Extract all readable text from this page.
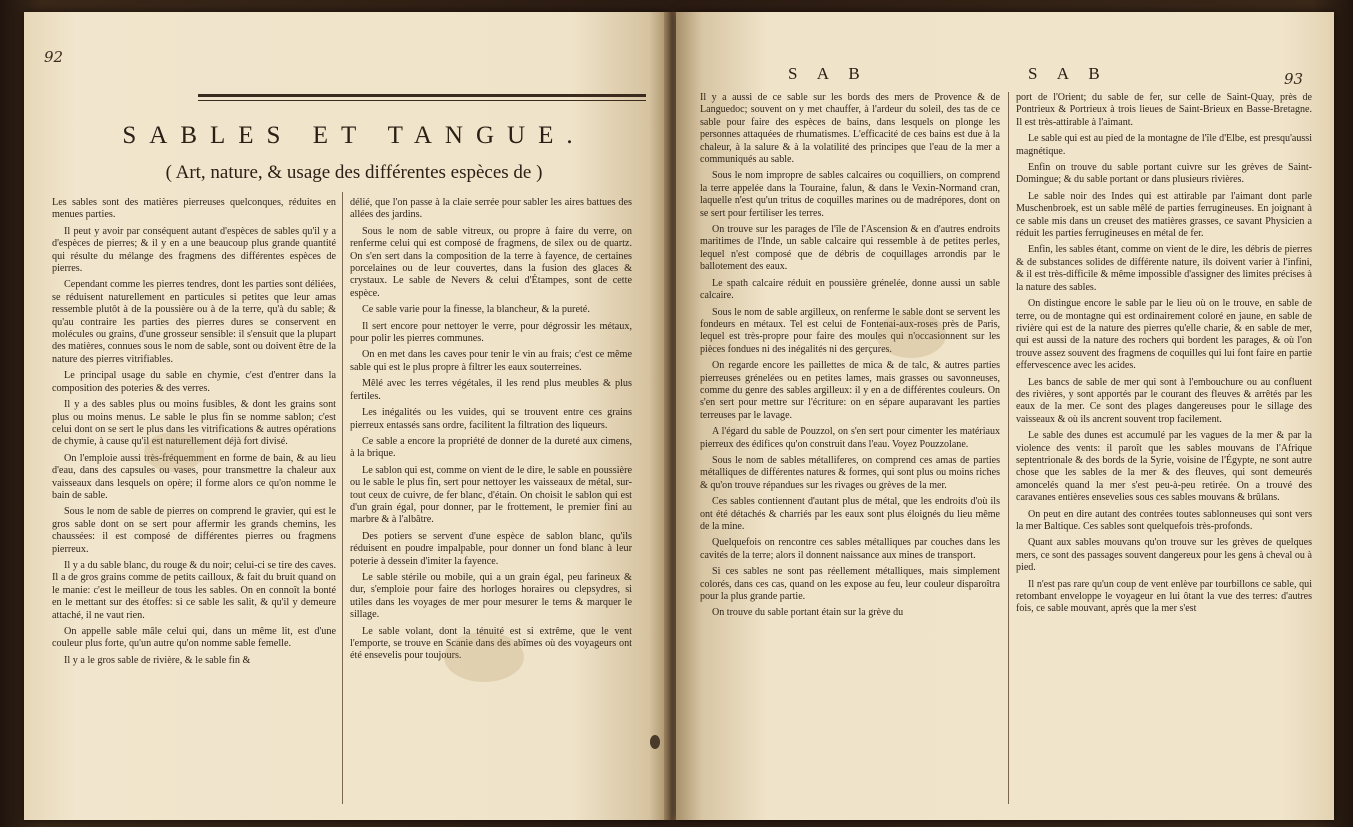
92
SABLES ET TANGUE.
( Art, nature, & usage des différentes espèces de )

Les sables sont des matières pierreuses quelconques, réduites en menues parties.

Il peut y avoir par conséquent autant d'espèces de sables qu'il y a d'espèces de pierres; & il y en a une beaucoup plus grande quantité qui résulte du mélange des fragmens des différentes espèces de pierres.

Cependant comme les pierres tendres, dont les parties sont déliées, se réduisent naturellement en particules si petites que leur amas ressemble plutôt à de la poussière ou à de la terre, qu'à du sable; & qu'au contraire les parties des pierres dures se conservent en molécules ou grains, d'une grosseur sensible: il s'ensuit que la plupart des matières, connues sous le nom de sable, sont ou doivent être de la nature des pierres vitrifiables.

Le principal usage du sable en chymie, c'est d'entrer dans la composition des poteries & des verres.

Il y a des sables plus ou moins fusibles, & dont les grains sont plus ou moins menus. Le sable le plus fin se nomme sablon; c'est celui dont on se sert le plus dans les vitrifications & autres opérations de chymie, à cause qu'il est naturellement déjà fort divisé.

On l'emploie aussi très-fréquemment en forme de bain, & au lieu d'eau, dans des capsules ou vases, pour transmettre la chaleur aux vaisseaux dans lesquels on opère; il forme alors ce qu'on nomme le bain de sable.

Sous le nom de sable de pierres on comprend le gravier, qui est le gros sable dont on se sert pour affermir les grands chemins, les chaussées: il est composé de différentes pierres ou fragmens pierreux.

Il y a du sable blanc, du rouge & du noir; celui-ci se tire des caves. Il a de gros grains comme de petits cailloux, & fait du bruit quand on le manie: c'est le meilleur de tous les sables. On en connoît la bonté en le mettant sur des étoffes: si ce sable les salit, & qu'il y demeure attaché, il ne vaut rien.

On appelle sable mâle celui qui, dans un même lit, est d'une couleur plus forte, qu'un autre qu'on nomme sable femelle.

Il y a le gros sable de rivière, & le sable fin &

délié, que l'on passe à la claie serrée pour sabler les aires battues des allées des jardins.

Sous le nom de sable vitreux, ou propre à faire du verre, on renferme celui qui est composé de fragmens, de silex ou de quartz. On s'en sert dans la composition de la terre à fayence, de certaines porcelaines ou de leur couvertes, dans la fusion des glaces & crystaux. Le sable de Nevers & celui d'Étampes, sont de cette espèce.

Ce sable varie pour la finesse, la blancheur, & la pureté.

Il sert encore pour nettoyer le verre, pour dégrossir les métaux, pour polir les pierres communes.

On en met dans les caves pour tenir le vin au frais; c'est ce même sable qui est le plus propre à filtrer les eaux souterreines.

Mêlé avec les terres végétales, il les rend plus meubles & plus fertiles.

Les inégalités ou les vuides, qui se trouvent entre ces grains pierreux entassés sans ordre, facilitent la filtration des liqueurs.

Ce sable a encore la propriété de donner de la dureté aux cimens, à la brique.

Le sablon qui est, comme on vient de le dire, le sable en poussière ou le sable le plus fin, sert pour nettoyer les vaisseaux de métal, sur-tout ceux de cuivre, de fer blanc, d'étain. On choisit le sablon qui est d'un grain égal, pour donner, par le frottement, le premier fini au marbre & à l'albâtre.

Des potiers se servent d'une espèce de sablon blanc, qu'ils réduisent en poudre impalpable, pour donner un fond blanc à leur poterie à dessein d'imiter la fayence.

Le sable stérile ou mobile, qui a un grain égal, peu farineux & dur, s'emploie pour faire des horloges horaires ou clepsydres, si utiles dans les voyages de mer pour mesurer le tems & marquer le sillage.

Le sable volant, dont la ténuité est si extrême, que le vent l'emporte, se trouve en Scanie dans des abîmes où des voyageurs ont été ensevelis pour toujours.

S A B	S A B	93

Il y a aussi de ce sable sur les bords des mers de Provence & de Languedoc; souvent on y met chauffer, à l'ardeur du soleil, des tas de ce sable pour faire des espèces de bains, dans lesquels on plonge les personnes attaquées de rhumatismes. L'efficacité de ces bains est due à la chaleur, à la salure & à la volatilité des principes que l'eau de la mer a communiqués au sable.

Sous le nom impropre de sables calcaires ou coquilliers, on comprend la terre appelée dans la Touraine, falun, & dans le Vexin-Normand cran, laquelle n'est qu'un tritus de coquilles marines ou de madrépores, dont on se sert pour fertiliser les terres.

On trouve sur les parages de l'île de l'Ascension & en d'autres endroits maritimes de l'Inde, un sable calcaire qui ressemble à de petites perles, lequel n'est composé que de débris de coquillages arrondis par le ballotement des eaux.

Le spath calcaire réduit en poussière grénelée, donne aussi un sable calcaire.

Sous le nom de sable argilleux, on renferme le sable dont se servent les fondeurs en métaux. Tel est celui de Fontenai-aux-roses près de Paris, lequel est très-propre pour faire des moules qui n'occasionnent sur les pièces fondues ni des inégalités ni des gerçures.

On regarde encore les paillettes de mica & de talc, & autres parties pierreuses grénelées ou en petites lames, mais grasses ou savonneuses, comme du genre des sables argilleux: il y en a de différentes couleurs. On s'en sert pour mettre sur l'écriture: on en sépare auparavant les parties terreuses par le lavage.

A l'égard du sable de Pouzzol, on s'en sert pour cimenter les matériaux pierreux des édifices qu'on construit dans l'eau. Voyez Pouzzolane.

Sous le nom de sables métalliferes, on comprend ces amas de parties métalliques de différentes natures & formes, qui sont plus ou moins riches & qu'on trouve répandues sur les rivages ou grèves de la mer.

Ces sables contiennent d'autant plus de métal, que les endroits d'où ils ont été détachés & charriés par les eaux sont plus éloignés du lieu même de la mine.

Quelquefois on rencontre ces sables métalliques par couches dans les cavités de la terre; alors il donnent naissance aux mines de transport.

Si ces sables ne sont pas réellement métalliques, mais simplement colorés, dans ces cas, quand on les expose au feu, leur couleur disparoîtra pour la plus grande partie.

On trouve du sable portant étain sur la grève du

port de l'Orient; du sable de fer, sur celle de Saint-Quay, près de Pontrieux & Portrieux à trois lieues de Saint-Brieux en Basse-Bretagne. Il est très-attirable à l'aimant.

Le sable qui est au pied de la montagne de l'île d'Elbe, est presqu'aussi magnétique.

Enfin on trouve du sable portant cuivre sur les grèves de Saint-Domingue; & du sable portant or dans plusieurs rivières.

Le sable noir des Indes qui est attirable par l'aimant dont parle Muschenbroek, est un sable mêlé de parties ferrugineuses. En joignant à ce sable mis dans un creuset des matières grasses, ce savant Physicien a réduit les parties ferrugineuses en métal de fer.

Enfin, les sables étant, comme on vient de le dire, les débris de pierres & de substances solides de différente nature, ils doivent varier à l'infini, & il est très-difficile & même impossible d'assigner des limites précises à la nature des sables.

On distingue encore le sable par le lieu où on le trouve, en sable de terre, ou de montagne qui est ordinairement coloré en jaune, en sable de rivière qui est de la nature des pierres qu'elle charie, & en sable de mer, qui est aussi de la nature des rochers qui bordent les parages, & où l'on trouve assez souvent des fragmens de coquilles qui lui font faire en partie effervescence avec les acides.

Les bancs de sable de mer qui sont à l'embouchure ou au confluent des rivières, y sont apportés par le courant des fleuves & arrêtés par les eaux de la mer. Ce sont des plages dangereuses pour le sillage des vaisseaux & où ils ancrent souvent trop facilement.

Le sable des dunes est accumulé par les vagues de la mer & par la violence des vents: il paroît que les sables mouvans de l'Afrique septentrionale & des bords de la Syrie, voisine de l'Égypte, ne sont autre chose que les sables de la mer & des fleuves, qui sont demeurés amoncelés quand la mer s'est peu-à-peu retirée. On a trouvé des caravanes entières ensevelies sous ces sables mouvans & brûlans.

On peut en dire autant des contrées toutes sablonneuses qui sont vers la mer Baltique. Ces sables sont quelquefois très-profonds.

Quant aux sables mouvans qu'on trouve sur les grèves de quelques mers, ce sont des passages souvent dangereux pour les gens à cheval ou à pied.

Il n'est pas rare qu'un coup de vent enlève par tourbillons ce sable, qui retombant enveloppe le voyageur en lui ôtant la vue des terres: d'autres fois, ce sable mouvant, après que la mer s'est
